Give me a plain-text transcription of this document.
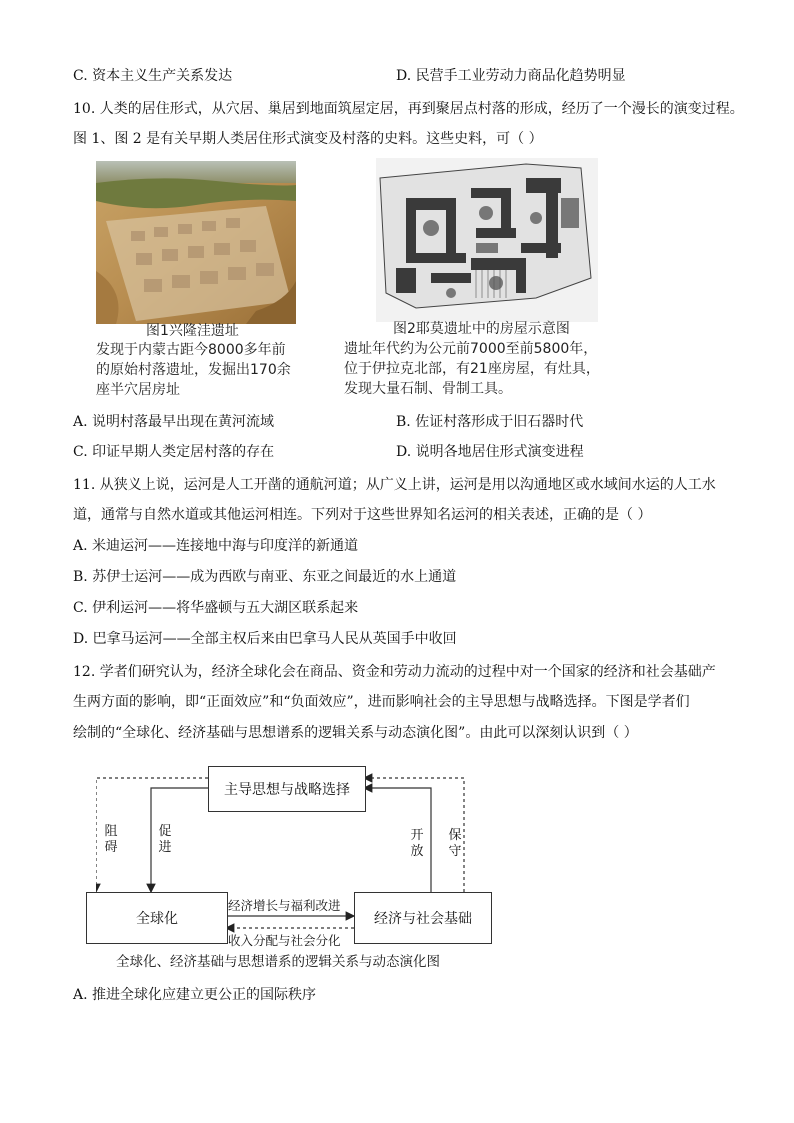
C. 资本主义生产关系发达	D. 民营手工业劳动力商品化趋势明显
10. 人类的居住形式，从穴居、巢居到地面筑屋定居，再到聚居点村落的形成，经历了一个漫长的演变过程。
图 1、图 2 是有关早期人类居住形式演变及村落的史料。这些史料，可（ ）
图1兴隆洼遗址
发现于内蒙古距今8000多年前
的原始村落遗址，发掘出170余
座半穴居房址
图2耶莫遗址中的房屋示意图
遗址年代约为公元前7000至前5800年，
位于伊拉克北部，有21座房屋，有灶具，
发现大量石制、骨制工具。
A. 说明村落最早出现在黄河流域	B. 佐证村落形成于旧石器时代
C. 印证早期人类定居村落的存在	D. 说明各地居住形式演变进程
11. 从狭义上说，运河是人工开凿的通航河道；从广义上讲，运河是用以沟通地区或水域间水运的人工水
道，通常与自然水道或其他运河相连。下列对于这些世界知名运河的相关表述，正确的是（ ）
A. 米迪运河——连接地中海与印度洋的新通道
B. 苏伊士运河——成为西欧与南亚、东亚之间最近的水上通道
C. 伊利运河——将华盛顿与五大湖区联系起来
D. 巴拿马运河——全部主权后来由巴拿马人民从英国手中收回
12. 学者们研究认为，经济全球化会在商品、资金和劳动力流动的过程中对一个国家的经济和社会基础产
生两方面的影响，即“正面效应”和“负面效应”，进而影响社会的主导思想与战略选择。下图是学者们
绘制的“全球化、经济基础与思想谱系的逻辑关系与动态演化图”。由此可以深刻认识到（ ）
主导思想与战略选择
全球化	经济与社会基础
阻碍
促进
开放
保守
经济增长与福利改进
收入分配与社会分化
全球化、经济基础与思想谱系的逻辑关系与动态演化图
A. 推进全球化应建立更公正的国际秩序
